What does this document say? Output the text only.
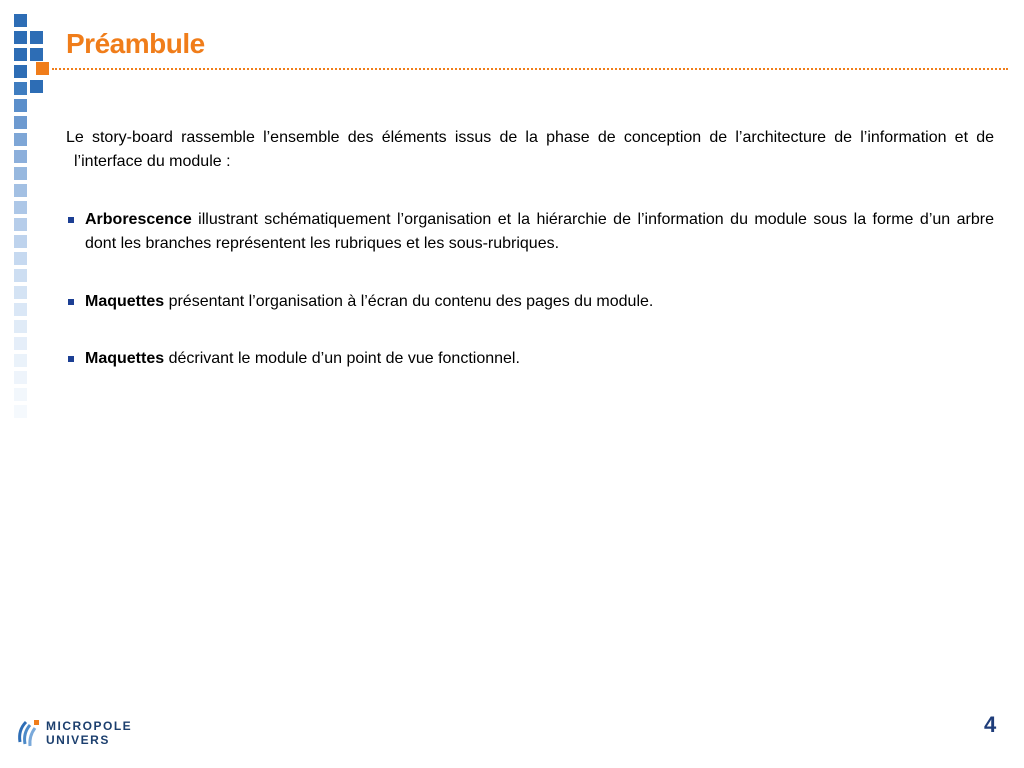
Préambule

Le story-board rassemble l’ensemble des éléments issus de la phase de conception de l’architecture de l’information et de l’interface du module :

Arborescence illustrant schématiquement l’organisation et la hiérarchie de l’information du module sous la forme d’un arbre dont les branches représentent les rubriques et les sous-rubriques.
Maquettes présentant l’organisation à l’écran du contenu des pages du module.
Maquettes décrivant le module d’un point de vue fonctionnel.
MICROPOLE
UNIVERS
4
